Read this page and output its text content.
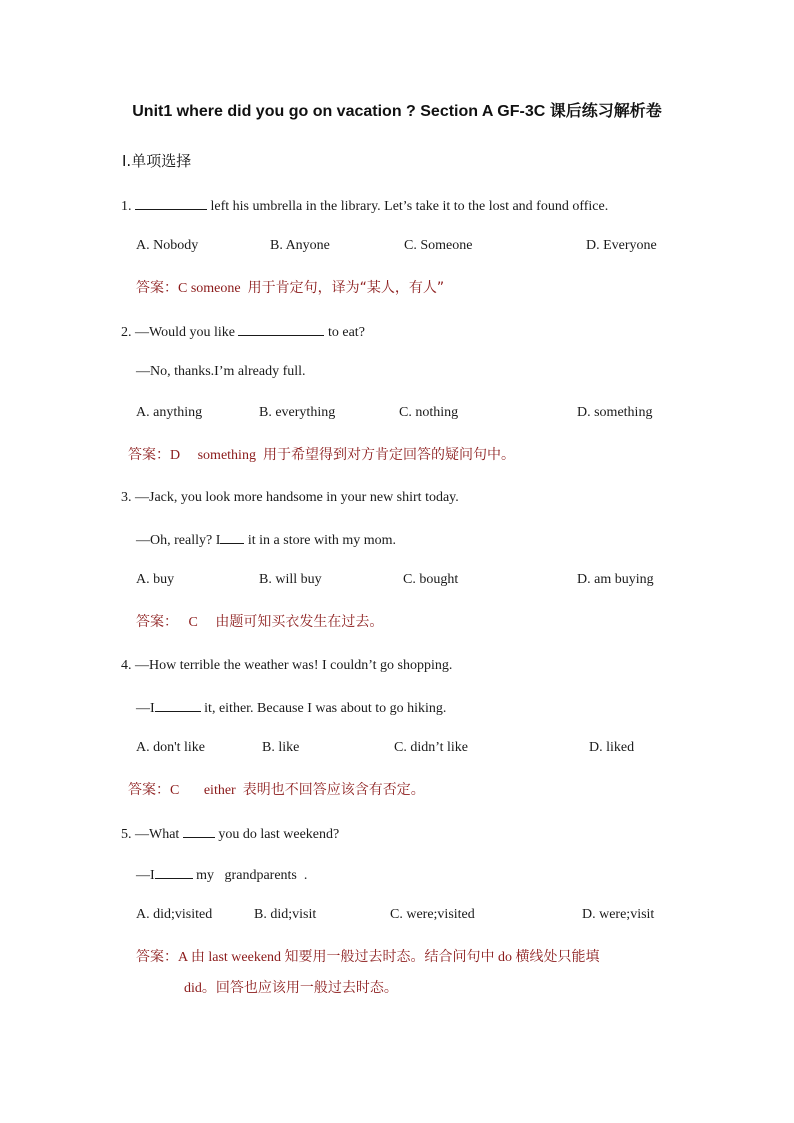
Unit1 where did you go on vacation ? Section A GF-3C 课后练习解析卷
Ⅰ.单项选择
1.	left his umbrella in the library. Let’s take it to the lost and found office.
A. Nobody	B. Anyone	C. Someone	D. Everyone
答案：C someone 用于肯定句，译为“某人，有人”
2. —Would you like	to eat?
—No, thanks.I’m already full.
A. anything	B. everything	C. nothing	D. something
答案：D     something 用于希望得到对方肯定回答的疑问句中。
3. —Jack, you look more handsome in your new shirt today.
—Oh, really? I it in a store with my mom.
A. buy	B. will buy	C. bought	D. am buying
答案： C 由题可知买衣发生在过去。
4. —How terrible the weather was! I couldn’t go shopping.
—I	it, either. Because I was about to go hiking.
A. don't like	B. like	C. didn’t like	D. liked
答案：C       either 表明也不回答应该含有否定。
5. —What	you do last weekend?
—I	my   grandparents  .
A. did;visited	B. did;visit	C. were;visited	D. were;visit
答案：A 由 last weekend 知要用一般过去时态。结合问句中 do 横线处只能填
did。回答也应该用一般过去时态。
